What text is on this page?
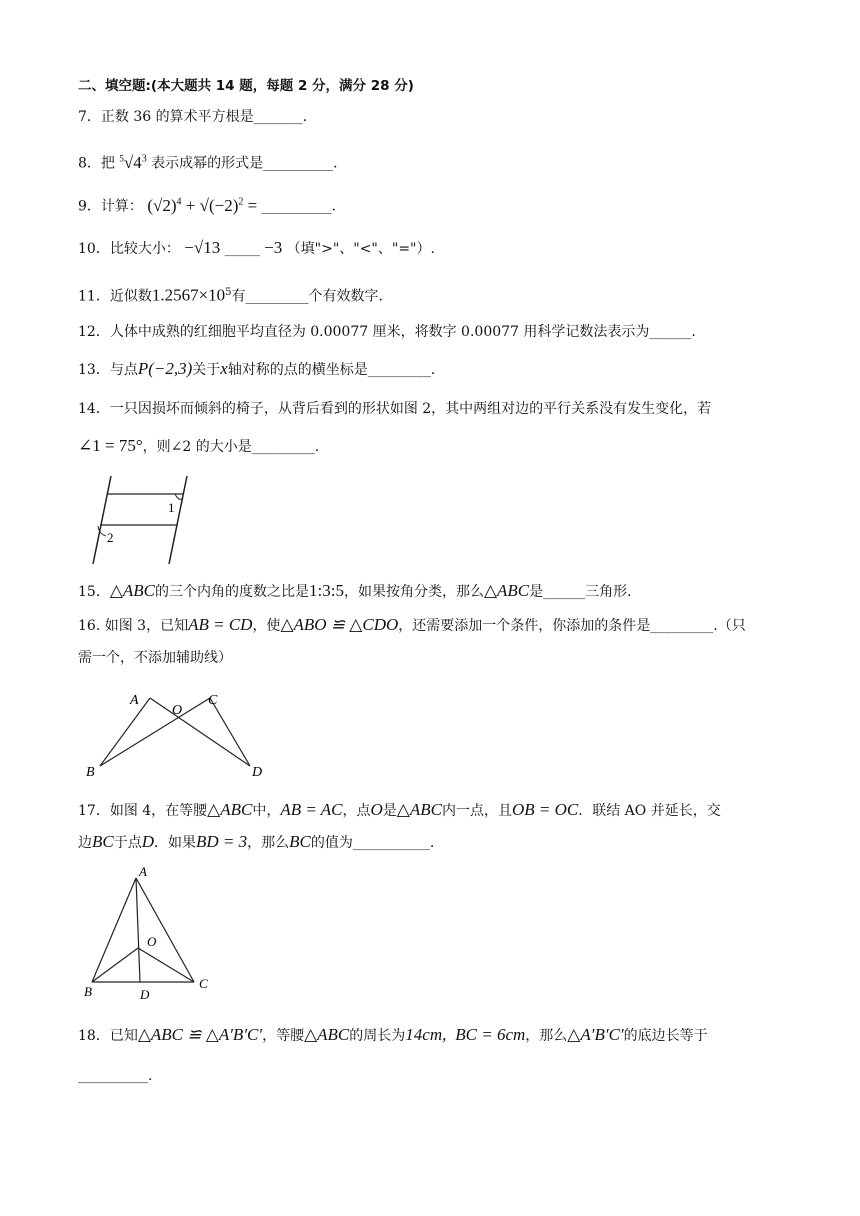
二、填空题:(本大题共 14 题，每题 2 分，满分 28 分)
7．正数 36 的算术平方根是_______.
8．把 $^5√4^3$ 表示成幂的形式是__________.
9．计算： $(√2)^4 + √(-2)^2$ = __________.
10．比较大小： −√13 _____ −3 （填">"、"<"、"="）.
11．近似数$1.2567\times 10^5$有_________个有效数字.
12．人体中成熟的红细胞平均直径为 0.00077 厘米，将数字 0.00077 用科学记数法表示为______.
13．与点P(−2,3)关于x轴对称的点的横坐标是_________.
14．一只因损坏而倾斜的椅子，从背后看到的形状如图 2，其中两组对边的平行关系没有发生变化，若
∠1 = 75°，则∠2 的大小是_________.
1
2
15．△ABC的三个内角的度数之比是1:3:5，如果按角分类，那么△ABC是______三角形.
16. 如图 3，已知AB = CD，使△ABO ≌ △CDO，还需要添加一个条件，你添加的条件是_________.（只
需一个，不添加辅助线）
A
O
C
B	D
17．如图 4，在等腰△ABC中，AB = AC，点O是△ABC内一点，且OB = OC．联结 AO 并延长，交
边BC于点D．如果BD = 3，那么BC的值为___________.
A
O
B	D
C
18．已知△ABC ≌ △A′B′C′，等腰△ABC的周长为14cm, BC = 6cm，那么△A′B′C′的底边长等于
__________.
